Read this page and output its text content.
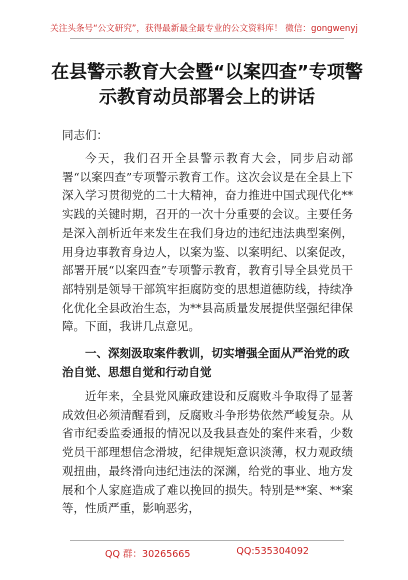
关注头条号“公文研究”，获得最新最全最专业的公文资料库！ 微信：gongwenyj
在县警示教育大会暨“以案四查”专项警示教育动员部署会上的讲话
同志们：

今天，我们召开全县警示教育大会，同步启动部署“以案四查”专项警示教育工作。这次会议是在全县上下深入学习贯彻党的二十大精神，奋力推进中国式现代化**实践的关键时期，召开的一次十分重要的会议。主要任务是深入剖析近年来发生在我们身边的违纪违法典型案例，用身边事教育身边人，以案为鉴、以案明纪、以案促改，部署开展“以案四查”专项警示教育，教育引导全县党员干部特别是领导干部筑牢拒腐防变的思想道德防线，持续净化优化全县政治生态，为**县高质量发展提供坚强纪律保障。下面，我讲几点意见。

一、深刻汲取案件教训，切实增强全面从严治党的政治自觉、思想自觉和行动自觉

近年来，全县党风廉政建设和反腐败斗争取得了显著成效但必须清醒看到，反腐败斗争形势依然严峻复杂。从省市纪委监委通报的情况以及我县查处的案件来看，少数党员干部理想信念滑坡，纪律规矩意识淡薄，权力观政绩观扭曲，最终滑向违纪违法的深渊，给党的事业、地方发展和个人家庭造成了难以挽回的损失。特别是**案、**案等，性质严重，影响恶劣，

QQ 群：30265665	QQ:535304092
